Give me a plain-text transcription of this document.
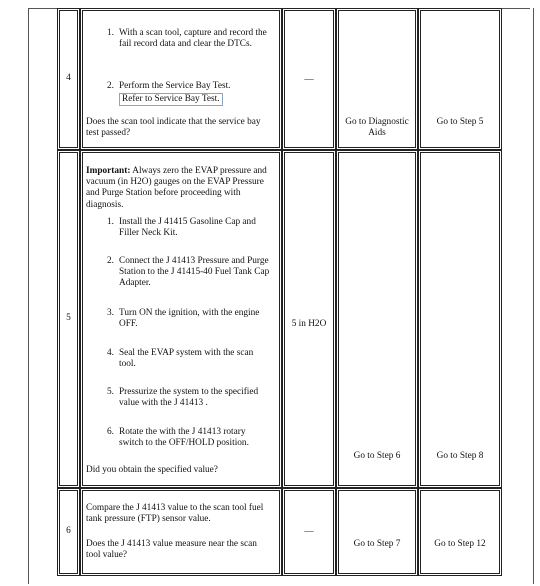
4
1. With a scan tool, capture and record the fail record data and clear the DTCs.
2. Perform the Service Bay Test.
Refer to Service Bay Test.
Does the scan tool indicate that the service bay test passed?
—
Go to Diagnostic Aids
Go to Step 5
5
Important: Always zero the EVAP pressure and vacuum (in H2O) gauges on the EVAP Pressure and Purge Station before proceeding with diagnosis.
1. Install the J 41415 Gasoline Cap and Filler Neck Kit.
2. Connect the J 41413 Pressure and Purge Station to the J 41415-40 Fuel Tank Cap Adapter.
3. Turn ON the ignition, with the engine OFF.
4. Seal the EVAP system with the scan tool.
5. Pressurize the system to the specified value with the J 41413 .
6. Rotate the with the J 41413 rotary switch to the OFF/HOLD position.
Did you obtain the specified value?
5 in H2O
Go to Step 6	Go to Step 8
6
Compare the J 41413 value to the scan tool fuel tank pressure (FTP) sensor value.
Does the J 41413 value measure near the scan tool value?
—
Go to Step 7	Go to Step 12
